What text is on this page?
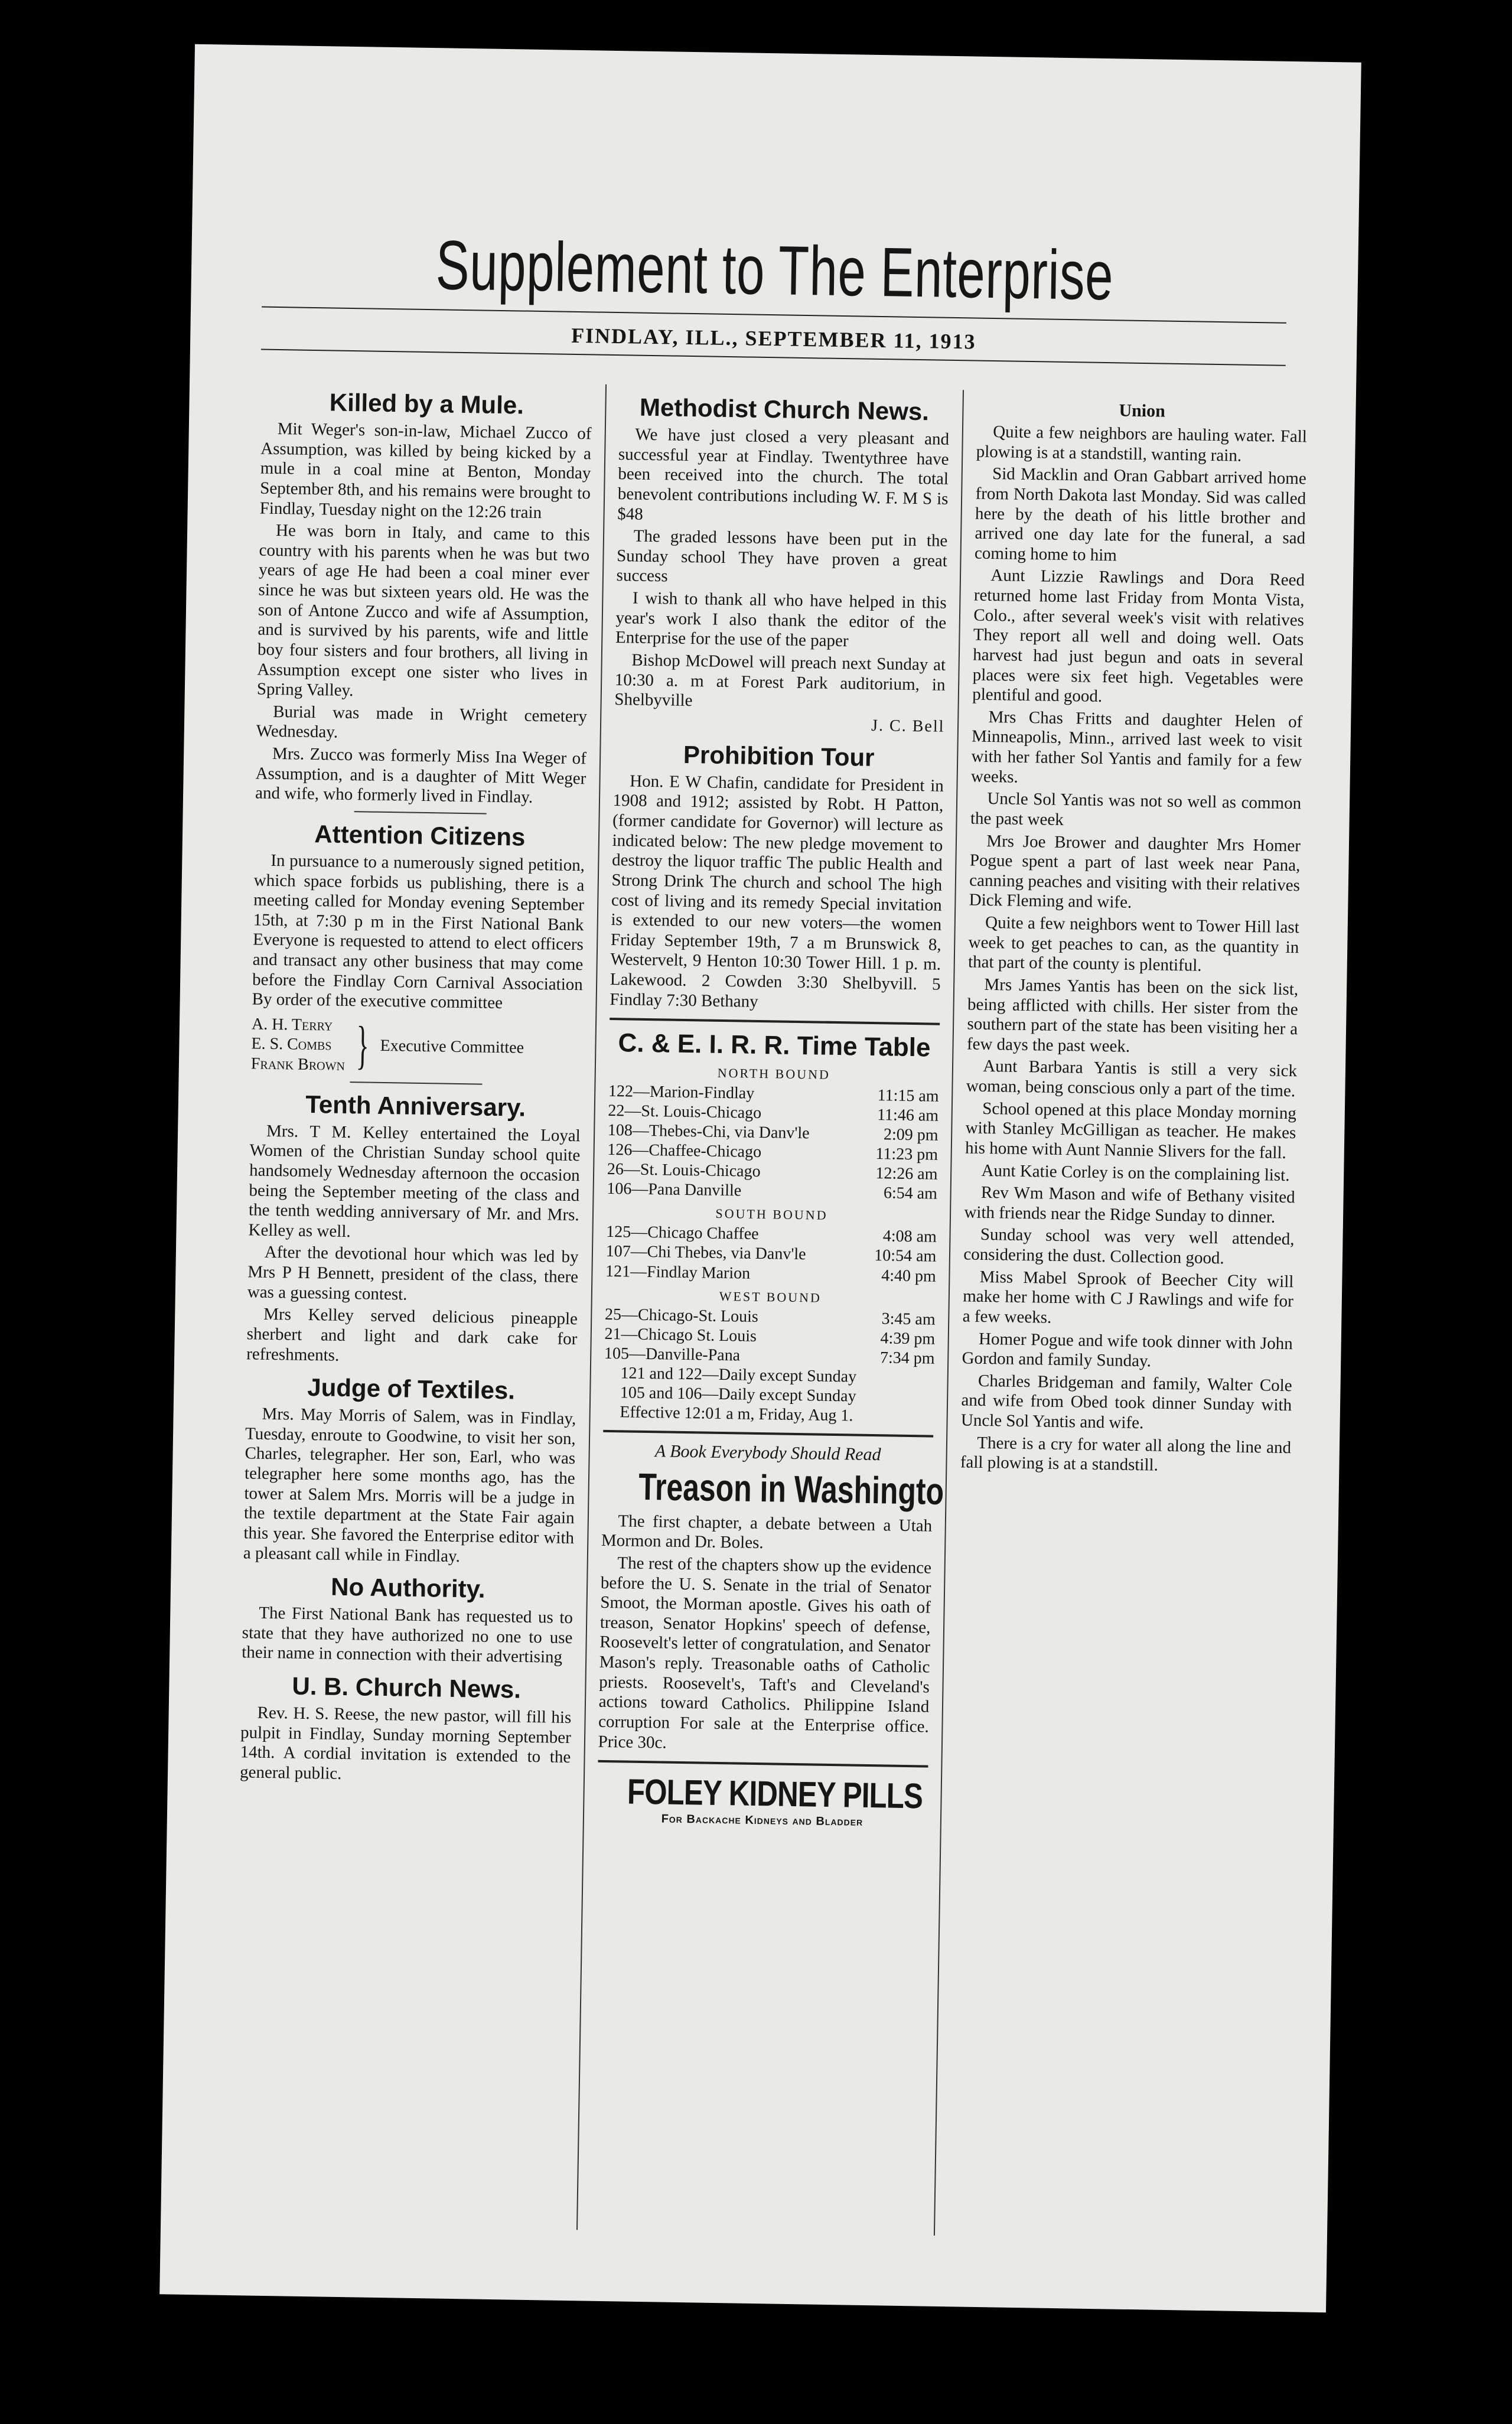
Supplement to The Enterprise
FINDLAY, ILL., SEPTEMBER 11, 1913
Killed by a Mule.

Mit Weger's son-in-law, Michael Zucco of Assumption, was killed by being kicked by a mule in a coal mine at Benton, Monday September 8th, and his remains were brought to Findlay, Tuesday night on the 12:26 train

He was born in Italy, and came to this country with his parents when he was but two years of age He had been a coal miner ever since he was but sixteen years old. He was the son of Antone Zucco and wife af Assumption, and is survived by his parents, wife and little boy four sisters and four brothers, all living in Assumption except one sister who lives in Spring Valley.

Burial was made in Wright cemetery Wednesday.

Mrs. Zucco was formerly Miss Ina Weger of Assumption, and is a daughter of Mitt Weger and wife, who formerly lived in Findlay.

Attention Citizens

In pursuance to a numerously signed petition, which space forbids us publishing, there is a meeting called for Monday evening September 15th, at 7:30 p m in the First National Bank Everyone is requested to attend to elect officers and transact any other business that may come before the Findlay Corn Carnival Association By order of the executive committee

A. H. Terry
E. S. Combs
Frank Brown } Executive Committee
Tenth Anniversary.

Mrs. T M. Kelley entertained the Loyal Women of the Christian Sunday school quite handsomely Wednesday afternoon the occasion being the September meeting of the class and the tenth wedding anniversary of Mr. and Mrs. Kelley as well.

After the devotional hour which was led by Mrs P H Bennett, president of the class, there was a guessing contest.

Mrs Kelley served delicious pineapple sherbert and light and dark cake for refreshments.

Judge of Textiles.

Mrs. May Morris of Salem, was in Findlay, Tuesday, enroute to Goodwine, to visit her son, Charles, telegrapher. Her son, Earl, who was telegrapher here some months ago, has the tower at Salem Mrs. Morris will be a judge in the textile department at the State Fair again this year. She favored the Enterprise editor with a pleasant call while in Findlay.

No Authority.

The First National Bank has requested us to state that they have authorized no one to use their name in connection with their advertising

U. B. Church News.

Rev. H. S. Reese, the new pastor, will fill his pulpit in Findlay, Sunday morning September 14th. A cordial invitation is extended to the general public.

Methodist Church News.

We have just closed a very pleasant and successful year at Findlay. Twentythree have been received into the church. The total benevolent contributions including W. F. M S is $48

The graded lessons have been put in the Sunday school They have proven a great success

I wish to thank all who have helped in this year's work I also thank the editor of the Enterprise for the use of the paper

Bishop McDowel will preach next Sunday at 10:30 a. m at Forest Park auditorium, in Shelbyville

J. C. Bell
Prohibition Tour

Hon. E W Chafin, candidate for President in 1908 and 1912; assisted by Robt. H Patton, (former candidate for Governor) will lecture as indicated below: The new pledge movement to destroy the liquor traffic The public Health and Strong Drink The church and school The high cost of living and its remedy Special invitation is extended to our new voters—the women Friday September 19th, 7 a m Brunswick 8, Westervelt, 9 Henton 10:30 Tower Hill. 1 p. m. Lakewood. 2 Cowden 3:30 Shelbyvill. 5 Findlay 7:30 Bethany

C. & E. I. R. R. Time Table
NORTH BOUND
122—Marion-Findlay	11:15 am
22—St. Louis-Chicago	11:46 am
108—Thebes-Chi, via Danv'le	2:09 pm
126—Chaffee-Chicago	11:23 pm
26—St. Louis-Chicago	12:26 am
106—Pana Danville	6:54 am
SOUTH BOUND
125—Chicago Chaffee	4:08 am
107—Chi Thebes, via Danv'le	10:54 am
121—Findlay Marion	4:40 pm
WEST BOUND
25—Chicago-St. Louis	3:45 am
21—Chicago St. Louis	4:39 pm
105—Danville-Pana	7:34 pm

121 and 122—Daily except Sunday

105 and 106—Daily except Sunday

Effective 12:01 a m, Friday, Aug 1.

A Book Everybody Should Read
Treason in Washington

The first chapter, a debate between a Utah Mormon and Dr. Boles.

The rest of the chapters show up the evidence before the U. S. Senate in the trial of Senator Smoot, the Morman apostle. Gives his oath of treason, Senator Hopkins' speech of defense, Roosevelt's letter of congratulation, and Senator Mason's reply. Treasonable oaths of Catholic priests. Roosevelt's, Taft's and Cleveland's actions toward Catholics. Philippine Island corruption For sale at the Enterprise office. Price 30c.

FOLEY KIDNEY PILLS
For Backache Kidneys and Bladder
Union

Quite a few neighbors are hauling water. Fall plowing is at a standstill, wanting rain.

Sid Macklin and Oran Gabbart arrived home from North Dakota last Monday. Sid was called here by the death of his little brother and arrived one day late for the funeral, a sad coming home to him

Aunt Lizzie Rawlings and Dora Reed returned home last Friday from Monta Vista, Colo., after several week's visit with relatives They report all well and doing well. Oats harvest had just begun and oats in several places were six feet high. Vegetables were plentiful and good.

Mrs Chas Fritts and daughter Helen of Minneapolis, Minn., arrived last week to visit with her father Sol Yantis and family for a few weeks.

Uncle Sol Yantis was not so well as common the past week

Mrs Joe Brower and daughter Mrs Homer Pogue spent a part of last week near Pana, canning peaches and visiting with their relatives Dick Fleming and wife.

Quite a few neighbors went to Tower Hill last week to get peaches to can, as the quantity in that part of the county is plentiful.

Mrs James Yantis has been on the sick list, being afflicted with chills. Her sister from the southern part of the state has been visiting her a few days the past week.

Aunt Barbara Yantis is still a very sick woman, being conscious only a part of the time.

School opened at this place Monday morning with Stanley McGilligan as teacher. He makes his home with Aunt Nannie Slivers for the fall.

Aunt Katie Corley is on the complaining list.

Rev Wm Mason and wife of Bethany visited with friends near the Ridge Sunday to dinner.

Sunday school was very well attended, considering the dust. Collection good.

Miss Mabel Sprook of Beecher City will make her home with C J Rawlings and wife for a few weeks.

Homer Pogue and wife took dinner with John Gordon and family Sunday.

Charles Bridgeman and family, Walter Cole and wife from Obed took dinner Sunday with Uncle Sol Yantis and wife.

There is a cry for water all along the line and fall plowing is at a standstill.
